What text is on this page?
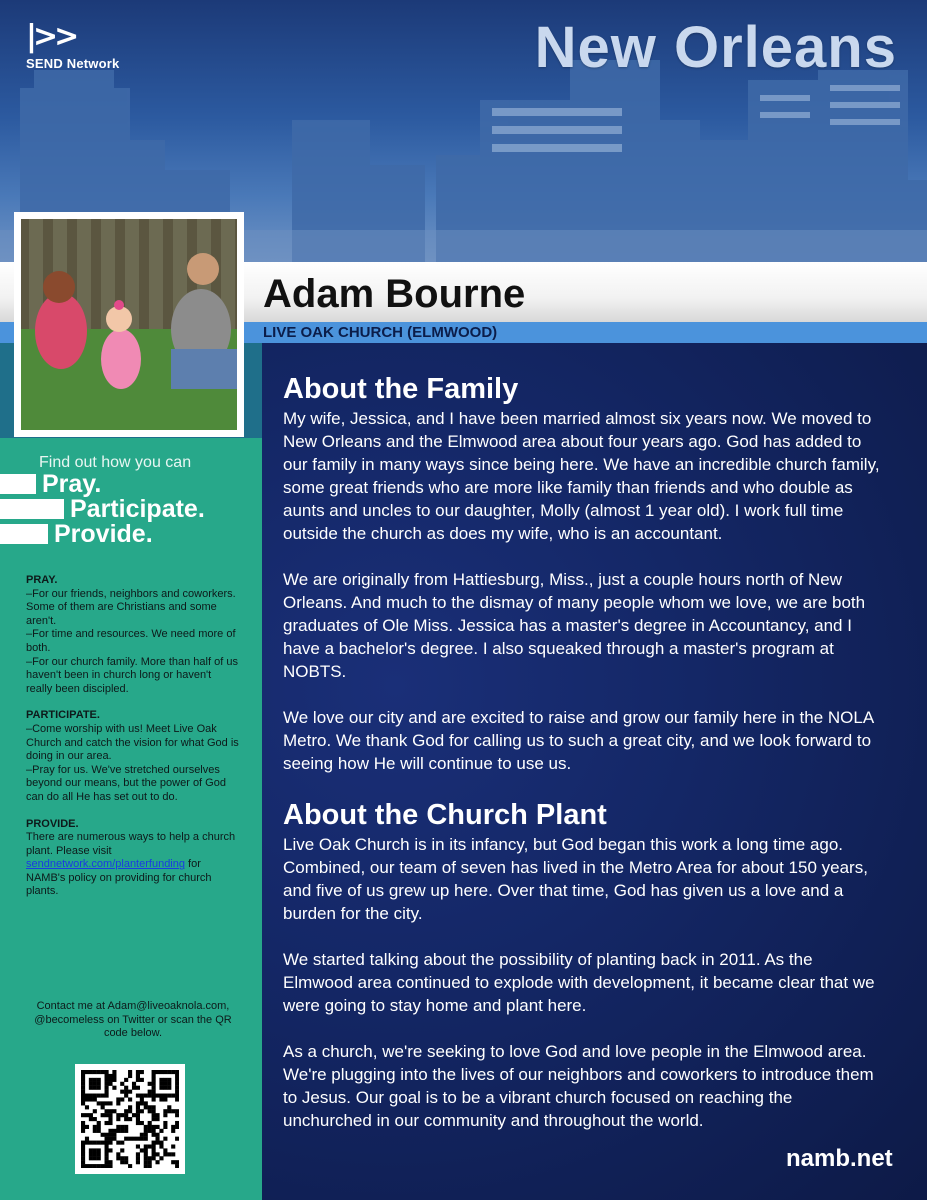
|>>
SEND Network	New Orleans
Adam Bourne
LIVE OAK CHURCH (ELMWOOD)
Find out how you can
Pray.
Participate.
Provide.
PRAY.
–For our friends, neighbors and coworkers. Some of them are Christians and some aren't.
–For time and resources. We need more of both.
–For our church family. More than half of us haven't been in church long or haven't really been discipled.
PARTICIPATE.
–Come worship with us! Meet Live Oak Church and catch the vision for what God is doing in our area.
–Pray for us. We've stretched ourselves beyond our means, but the power of God can do all He has set out to do.
PROVIDE.
There are numerous ways to help a church plant. Please visit sendnetwork.com/planterfunding for NAMB's policy on providing for church plants.
Contact me at Adam@liveoaknola.com, @becomeless on Twitter or scan the QR code below.
About the Family

My wife, Jessica, and I have been married almost six years now. We moved to New Orleans and the Elmwood area about four years ago. God has added to our family in many ways since being here. We have an incredible church family, some great friends who are more like family than friends and who double as aunts and uncles to our daughter, Molly (almost 1 year old). I work full time outside the church as does my wife, who is an accountant.

We are originally from Hattiesburg, Miss., just a couple hours north of New Orleans. And much to the dismay of many people whom we love, we are both graduates of Ole Miss. Jessica has a master's degree in Accountancy, and I have a bachelor's degree. I also squeaked through a master's program at NOBTS.

We love our city and are excited to raise and grow our family here in the NOLA Metro. We thank God for calling us to such a great city, and we look forward to seeing how He will continue to use us.

About the Church Plant

Live Oak Church is in its infancy, but God began this work a long time ago. Combined, our team of seven has lived in the Metro Area for about 150 years, and five of us grew up here. Over that time, God has given us a love and a burden for the city.

We started talking about the possibility of planting back in 2011. As the Elmwood area continued to explode with development, it became clear that we were going to stay home and plant here.

As a church, we're seeking to love God and love people in the Elmwood area. We're plugging into the lives of our neighbors and coworkers to introduce them to Jesus. Our goal is to be a vibrant church focused on reaching the unchurched in our community and throughout the world.

namb.net
